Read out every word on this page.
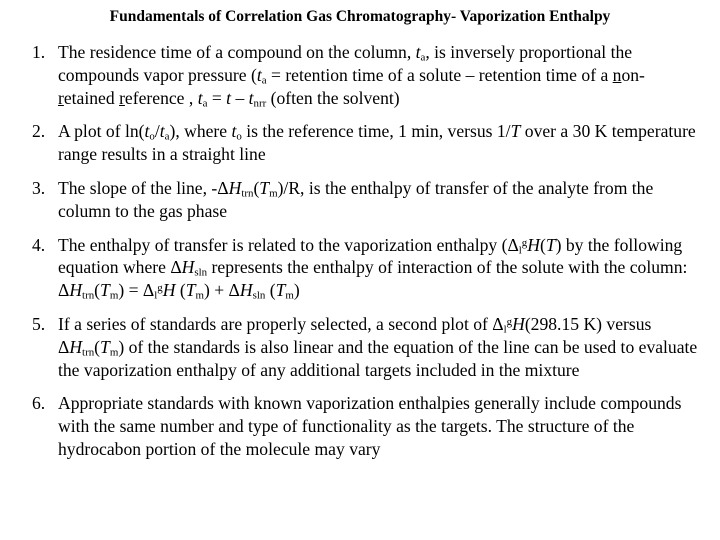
Fundamentals of Correlation Gas Chromatography- Vaporization Enthalpy
1. The residence time of a compound on the column, $t_a$, is inversely proportional the compounds vapor pressure ($t_a$ = retention time of a solute – retention time of a non-retained reference , $t_a = t - t_{nrr}$ (often the solvent)
2. A plot of $\ln(t_o/t_a)$, where $t_o$ is the reference time, 1 min, versus 1/T over a 30 K temperature range results in a straight line
3. The slope of the line, $-\Delta H_{trn}(T_m)/R$, is the enthalpy of transfer of the analyte from the column to the gas phase
4. The enthalpy of transfer is related to the vaporization enthalpy ($\Delta_l^gH(T)$ by the following equation where $\Delta H_{sln}$ represents the enthalpy of interaction of the solute with the column: $\Delta H_{trn}(T_m) = \Delta_l^gH$ $(T_m) + \Delta H_{sln}$ $(T_m)$
5. If a series of standards are properly selected, a second plot of $\Delta_l^gH(298.15$ K) versus $\Delta H_{trn}(T_m)$ of the standards is also linear and the equation of the line can be used to evaluate the vaporization enthalpy of any additional targets included in the mixture
6. Appropriate standards with known vaporization enthalpies generally include compounds with the same number and type of functionality as the targets. The structure of the hydrocabon portion of the molecule may vary
